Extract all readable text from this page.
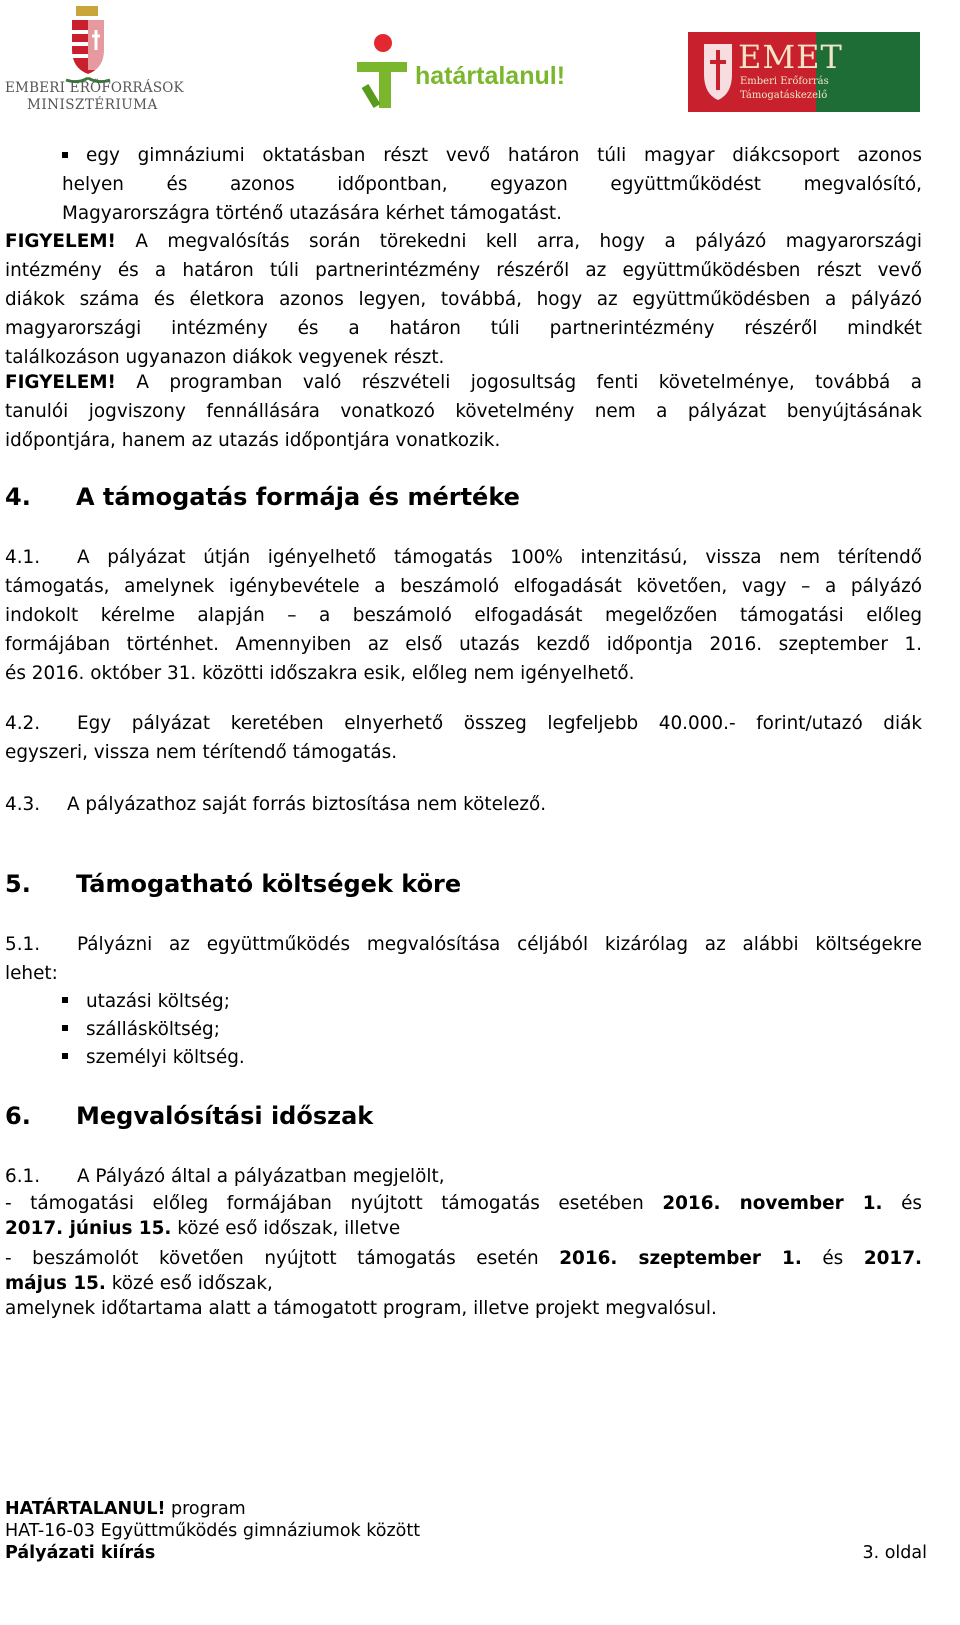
EMBERI ERŐFORRÁSOK
MINISZTÉRIUMA
határtalanul!	EMET
Emberi Erőforrás
Támogatáskezelő
egy gimnáziumi oktatásban részt vevő határon túli magyar diákcsoport azonos
helyen és azonos időpontban, egyazon együttműködést megvalósító,
Magyarországra történő utazására kérhet támogatást.
FIGYELEM! A megvalósítás során törekedni kell arra, hogy a pályázó magyarországi
intézmény és a határon túli partnerintézmény részéről az együttműködésben részt vevő
diákok száma és életkora azonos legyen, továbbá, hogy az együttműködésben a pályázó
magyarországi intézmény és a határon túli partnerintézmény részéről mindkét
találkozáson ugyanazon diákok vegyenek részt.
FIGYELEM! A programban való részvételi jogosultság fenti követelménye, továbbá a
tanulói jogviszony fennállására vonatkozó követelmény nem a pályázat benyújtásának
időpontjára, hanem az utazás időpontjára vonatkozik.
4. A támogatás formája és mértéke
4.1. A pályázat útján igényelhető támogatás 100% intenzitású, vissza nem térítendő
támogatás, amelynek igénybevétele a beszámoló elfogadását követően, vagy – a pályázó
indokolt kérelme alapján – a beszámoló elfogadását megelőzően támogatási előleg
formájában történhet. Amennyiben az első utazás kezdő időpontja 2016. szeptember 1.
és 2016. október 31. közötti időszakra esik, előleg nem igényelhető.
4.2. Egy pályázat keretében elnyerhető összeg legfeljebb 40.000.- forint/utazó diák
egyszeri, vissza nem térítendő támogatás.
4.3. A pályázathoz saját forrás biztosítása nem kötelező.
5. Támogatható költségek köre
5.1. Pályázni az együttműködés megvalósítása céljából kizárólag az alábbi költségekre
lehet:
utazási költség;
szállásköltség;
személyi költség.
6. Megvalósítási időszak
6.1. A Pályázó által a pályázatban megjelölt,
- támogatási előleg formájában nyújtott támogatás esetében 2016. november 1. és
2017. június 15. közé eső időszak, illetve
- beszámolót követően nyújtott támogatás esetén 2016. szeptember 1. és 2017.
május 15. közé eső időszak,
amelynek időtartama alatt a támogatott program, illetve projekt megvalósul.
HATÁRTALANUL! program
HAT-16-03 Együttműködés gimnáziumok között
Pályázati kiírás	3. oldal
